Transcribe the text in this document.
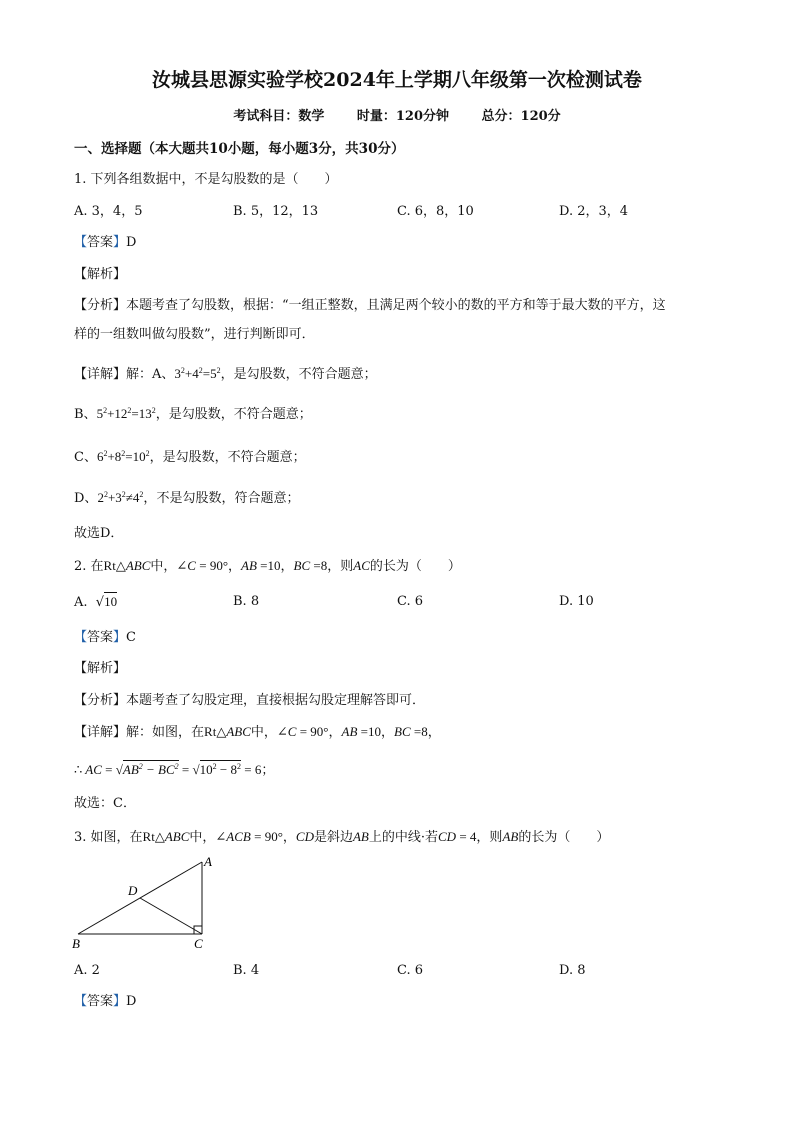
汝城县思源实验学校2024年上学期八年级第一次检测试卷
考试科目：数学	时量：120分钟	总分：120分
一、选择题（本大题共10小题，每小题3分，共30分）
1. 下列各组数据中，不是勾股数的是（　　）
A. 3，4，5	B. 5，12，13	C. 6，8，10	D. 2，3，4
【答案】D
【解析】
【分析】本题考查了勾股数，根据：“一组正整数，且满足两个较小的数的平方和等于最大数的平方，这
样的一组数叫做勾股数”，进行判断即可．
【详解】解：A、$3^2+4^2=5^2$，是勾股数，不符合题意；
B、$5^2+12^2=13^2$，是勾股数，不符合题意；
C、$6^2+8^2=10^2$，是勾股数，不符合题意；
D、$2^2+3^2\ne 4^2$，不是勾股数，符合题意；
故选D．
2. 在Rt△ABC中，∠C = 90°，AB =10，BC =8，则AC的长为（　　）
A.  √10	B. 8	C. 6	D. 10
【答案】C
【解析】
【分析】本题考查了勾股定理，直接根据勾股定理解答即可．
【详解】解：如图，在Rt△ABC中，∠C = 90°，AB =10，BC =8，
∴ AC = $√AB^2 - BC^2 = √10^2 - 8^2 = 6$；
故选：C．
3. 如图，在Rt△ABC中，∠ACB = 90°，CD是斜边AB上的中线·若CD = 4，则AB的长为（　　）
A
B	C
D
A. 2	B. 4	C. 6	D. 8
【答案】D
